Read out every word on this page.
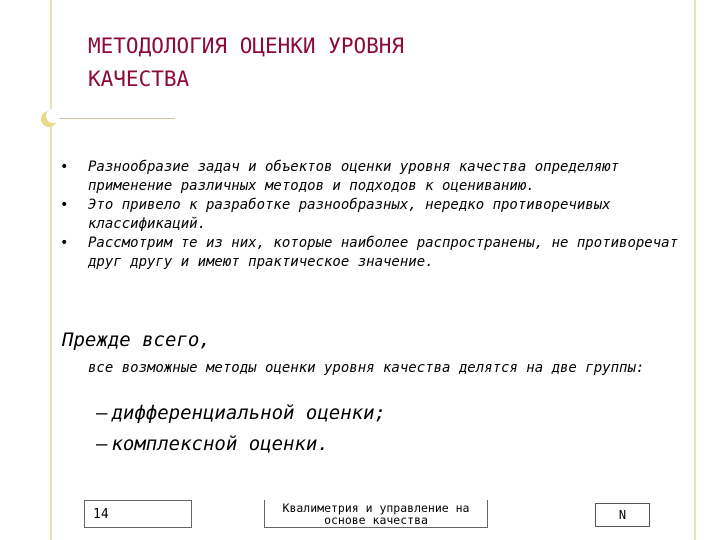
МЕТОДОЛОГИЯ ОЦЕНКИ УРОВНЯ
КАЧЕСТВА
• Разнообразие задач и объектов оценки уровня качества определяют применение различных методов и подходов к оцениванию.
• Это привело к разработке разнообразных, нередко противоречивых классификаций.
• Рассмотрим те из них, которые наиболее распространены, не противоречат друг другу и имеют практическое значение.
Прежде всего,
все возможные методы оценки уровня качества делятся на две группы:
— дифференциальной оценки;
— комплексной оценки.
14	Квалиметрия и управление на основе качества	N
